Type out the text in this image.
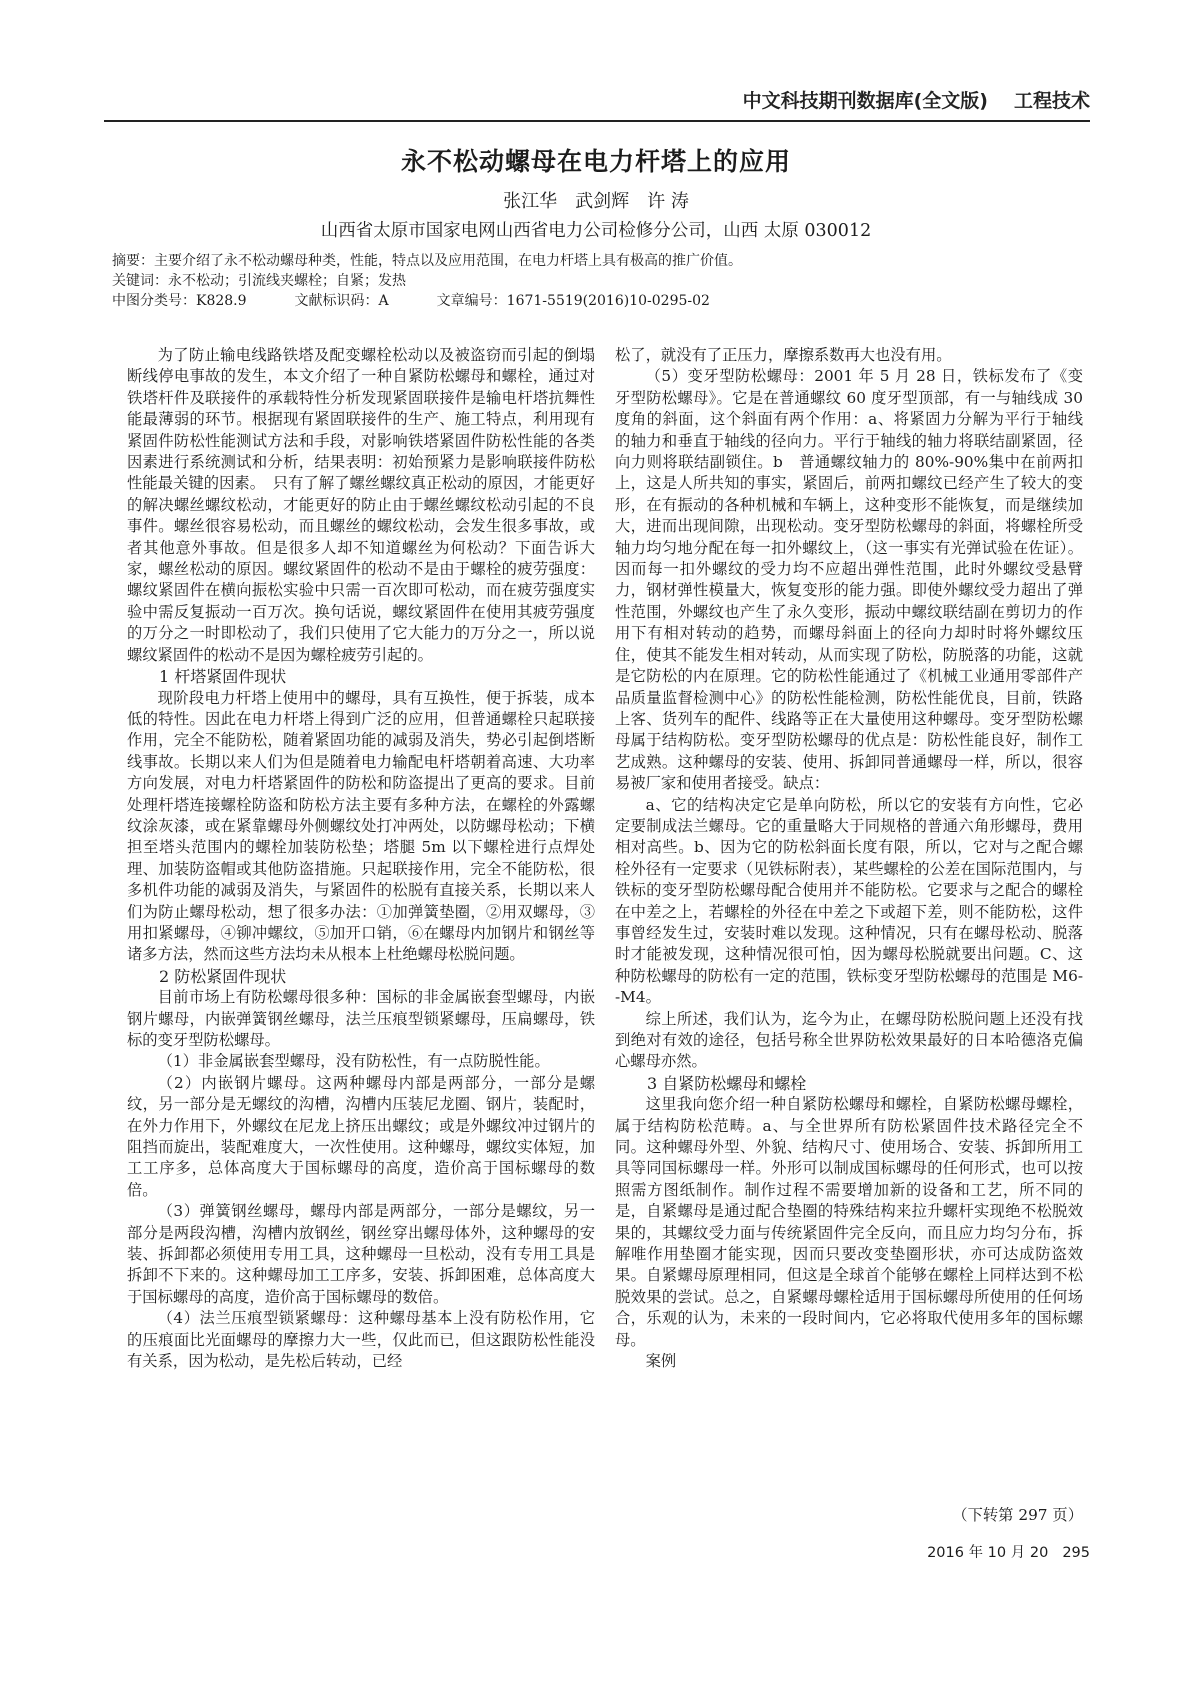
中文科技期刊数据库(全文版) 工程技术
永不松动螺母在电力杆塔上的应用
张江华　武剑辉　许 涛
山西省太原市国家电网山西省电力公司检修分公司，山西 太原 030012
摘要：主要介绍了永不松动螺母种类，性能，特点以及应用范围，在电力杆塔上具有极高的推广价值。
关键词：永不松动；引流线夹螺栓；自紧；发热
中图分类号：K828.9	文献标识码：A	文章编号：1671-5519(2016)10-0295-02

为了防止输电线路铁塔及配变螺栓松动以及被盗窃而引起的倒塌断线停电事故的发生，本文介绍了一种自紧防松螺母和螺栓，通过对铁塔杆件及联接件的承载特性分析发现紧固联接件是输电杆塔抗舞性能最薄弱的环节。根据现有紧固联接件的生产、施工特点，利用现有紧固件防松性能测试方法和手段，对影响铁塔紧固件防松性能的各类因素进行系统测试和分析，结果表明：初始预紧力是影响联接件防松性能最关键的因素。　只有了解了螺丝螺纹真正松动的原因，才能更好的解决螺丝螺纹松动，才能更好的防止由于螺丝螺纹松动引起的不良事件。螺丝很容易松动，而且螺丝的螺纹松动，会发生很多事故，或者其他意外事故。但是很多人却不知道螺丝为何松动？下面告诉大家，螺丝松动的原因。螺纹紧固件的松动不是由于螺栓的疲劳强度：螺纹紧固件在横向振松实验中只需一百次即可松动，而在疲劳强度实验中需反复振动一百万次。换句话说，螺纹紧固件在使用其疲劳强度的万分之一时即松动了，我们只使用了它大能力的万分之一，所以说螺纹紧固件的松动不是因为螺栓疲劳引起的。

1 杆塔紧固件现状

现阶段电力杆塔上使用中的螺母，具有互换性，便于拆装，成本低的特性。因此在电力杆塔上得到广泛的应用，但普通螺栓只起联接作用，完全不能防松，随着紧固功能的减弱及消失，势必引起倒塔断线事故。长期以来人们为但是随着电力输配电杆塔朝着高速、大功率方向发展，对电力杆塔紧固件的防松和防盗提出了更高的要求。目前处理杆塔连接螺栓防盗和防松方法主要有多种方法，在螺栓的外露螺纹涂灰漆，或在紧靠螺母外侧螺纹处打冲两处，以防螺母松动；下横担至塔头范围内的螺栓加装防松垫；塔腿 5m 以下螺栓进行点焊处理、加装防盗帽或其他防盗措施。只起联接作用，完全不能防松，很多机件功能的减弱及消失，与紧固件的松脱有直接关系，长期以来人们为防止螺母松动，想了很多办法：①加弹簧垫圈，②用双螺母，③用扣紧螺母，④铆冲螺纹，⑤加开口销，⑥在螺母内加钢片和钢丝等诸多方法，然而这些方法均未从根本上杜绝螺母松脱问题。

2 防松紧固件现状

目前市场上有防松螺母很多种：国标的非金属嵌套型螺母，内嵌钢片螺母，内嵌弹簧钢丝螺母，法兰压痕型锁紧螺母，压扁螺母，铁标的变牙型防松螺母。

（1）非金属嵌套型螺母，没有防松性，有一点防脱性能。

（2）内嵌钢片螺母。这两种螺母内部是两部分，一部分是螺纹，另一部分是无螺纹的沟槽，沟槽内压装尼龙圈、钢片，装配时，在外力作用下，外螺纹在尼龙上挤压出螺纹；或是外螺纹冲过钢片的阻挡而旋出，装配难度大，一次性使用。这种螺母，螺纹实体短，加工工序多，总体高度大于国标螺母的高度，造价高于国标螺母的数倍。

（3）弹簧钢丝螺母，螺母内部是两部分，一部分是螺纹，另一部分是两段沟槽，沟槽内放钢丝，钢丝穿出螺母体外，这种螺母的安装、拆卸都必须使用专用工具，这种螺母一旦松动，没有专用工具是拆卸不下来的。这种螺母加工工序多，安装、拆卸困难，总体高度大于国标螺母的高度，造价高于国标螺母的数倍。

（4）法兰压痕型锁紧螺母：这种螺母基本上没有防松作用，它的压痕面比光面螺母的摩擦力大一些，仅此而已，但这跟防松性能没有关系，因为松动，是先松后转动，已经

松了，就没有了正压力，摩擦系数再大也没有用。

（5）变牙型防松螺母：2001 年 5 月 28 日，铁标发布了《变牙型防松螺母》。它是在普通螺纹 60 度牙型顶部，有一与轴线成 30 度角的斜面，这个斜面有两个作用：a、将紧固力分解为平行于轴线的轴力和垂直于轴线的径向力。平行于轴线的轴力将联结副紧固，径向力则将联结副锁住。b　普通螺纹轴力的 80%-90%集中在前两扣上，这是人所共知的事实，紧固后，前两扣螺纹已经产生了较大的变形，在有振动的各种机械和车辆上，这种变形不能恢复，而是继续加大，进而出现间隙，出现松动。变牙型防松螺母的斜面，将螺栓所受轴力均匀地分配在每一扣外螺纹上，（这一事实有光弹试验在佐证）。因而每一扣外螺纹的受力均不应超出弹性范围，此时外螺纹受悬臂力，钢材弹性模量大，恢复变形的能力强。即使外螺纹受力超出了弹性范围，外螺纹也产生了永久变形，振动中螺纹联结副在剪切力的作用下有相对转动的趋势，而螺母斜面上的径向力却时时将外螺纹压住，使其不能发生相对转动，从而实现了防松，防脱落的功能，这就是它防松的内在原理。它的防松性能通过了《机械工业通用零部件产品质量监督检测中心》的防松性能检测，防松性能优良，目前，铁路上客、货列车的配件、线路等正在大量使用这种螺母。变牙型防松螺母属于结构防松。变牙型防松螺母的优点是：防松性能良好，制作工艺成熟。这种螺母的安装、使用、拆卸同普通螺母一样，所以，很容易被厂家和使用者接受。缺点：

a、它的结构决定它是单向防松，所以它的安装有方向性，它必定要制成法兰螺母。它的重量略大于同规格的普通六角形螺母，费用相对高些。b、因为它的防松斜面长度有限，所以，它对与之配合螺栓外径有一定要求（见铁标附表），某些螺栓的公差在国际范围内，与铁标的变牙型防松螺母配合使用并不能防松。它要求与之配合的螺栓在中差之上，若螺栓的外径在中差之下或超下差，则不能防松，这件事曾经发生过，安装时难以发现。这种情况，只有在螺母松动、脱落时才能被发现，这种情况很可怕，因为螺母松脱就要出问题。C、这种防松螺母的防松有一定的范围，铁标变牙型防松螺母的范围是 M6--M4。

综上所述，我们认为，迄今为止，在螺母防松脱问题上还没有找到绝对有效的途径，包括号称全世界防松效果最好的日本哈德洛克偏心螺母亦然。

3 自紧防松螺母和螺栓

这里我向您介绍一种自紧防松螺母和螺栓，自紧防松螺母螺栓，属于结构防松范畴。a、与全世界所有防松紧固件技术路径完全不同。这种螺母外型、外貌、结构尺寸、使用场合、安装、拆卸所用工具等同国标螺母一样。外形可以制成国标螺母的任何形式，也可以按照需方图纸制作。制作过程不需要增加新的设备和工艺，所不同的是，自紧螺母是通过配合垫圈的特殊结构来拉升螺杆实现绝不松脱效果的，其螺纹受力面与传统紧固件完全反向，而且应力均匀分布，拆解唯作用垫圈才能实现，因而只要改变垫圈形状，亦可达成防盗效果。自紧螺母原理相同，但这是全球首个能够在螺栓上同样达到不松脱效果的尝试。总之，自紧螺母螺栓适用于国标螺母所使用的任何场合，乐观的认为，未来的一段时间内，它必将取代使用多年的国标螺母。

案例

（下转第 297 页）
2016 年 10 月 20 295
